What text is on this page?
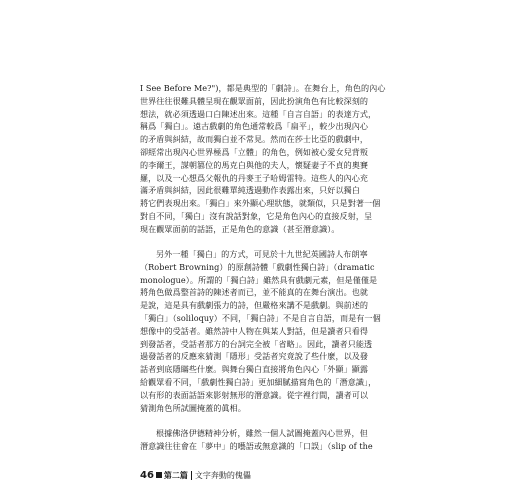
I See Before Me?")，都是典型的「劇詩」。在舞台上，角色的內心
世界往往很難具體呈現在觀眾面前，因此扮演角色有比較深刻的
想法，就必須透過口白陳述出來。這種「自言自語」的表達方式，
稱爲「獨白」。遠古戲劇的角色通常較爲「扁平」，較少出現內心
的矛盾與糾結，故而獨白並不常見。然而在莎士比亞的戲劇中，
卻經常出現內心世界極爲「立體」的角色，例如被心愛女兒背叛
的李爾王，謀朝篡位的馬克白與他的夫人，懷疑妻子不貞的奧賽
羅，以及一心想爲父報仇的丹麥王子哈姆雷特。這些人的內心充
滿矛盾與糾結，因此很難單純透過動作表露出來，只好以獨白
將它們表現出來。「獨白」來外顯心理狀態，就類似，只是對著一個
對自不同，「獨白」沒有說話對象，它是角色內心的直接反射，呈
現在觀眾面前的話語，正是角色的意識（甚至潛意識）。
另外一種「獨白」的方式，可見於十九世紀英國詩人布朗寧
（Robert Browning）的原創詩體「戲劇性獨白詩」（dramatic
monologue）。所謂的「獨白詩」雖然具有戲劇元素，但是僅僅是
將角色做爲整首詩的陳述者而已，並不能真的在舞台演出。也就
是說，這是具有戲劇張力的詩，但嚴格來講不是戲劇。與前述的
「獨白」（soliloquy）不同，「獨白詩」不是自言自語，而是有一個
想像中的受話者。雖然詩中人物在與某人對話，但是讀者只看得
到發話者，受話者那方的台詞完全被「省略」。因此，讀者只能透
過發話者的反應來猜測「隱形」受話者究竟說了些什麼，以及發
話者到底隱瞞些什麼。與舞台獨白直接將角色內心「外顯」顯露
給觀眾看不同，「戲劇性獨白詩」更加細膩描寫角色的「潛意識」，
以有形的表面話語來影射無形的潛意識。從字裡行間，讀者可以
猜測角色所試圖掩蓋的眞相。
根據佛洛伊德精神分析，雖然一個人試圖掩蓋內心世界，但
潛意識往往會在「夢中」的囈語或無意識的「口誤」（slip of the
46 第二篇 文字奔動的傀儡
